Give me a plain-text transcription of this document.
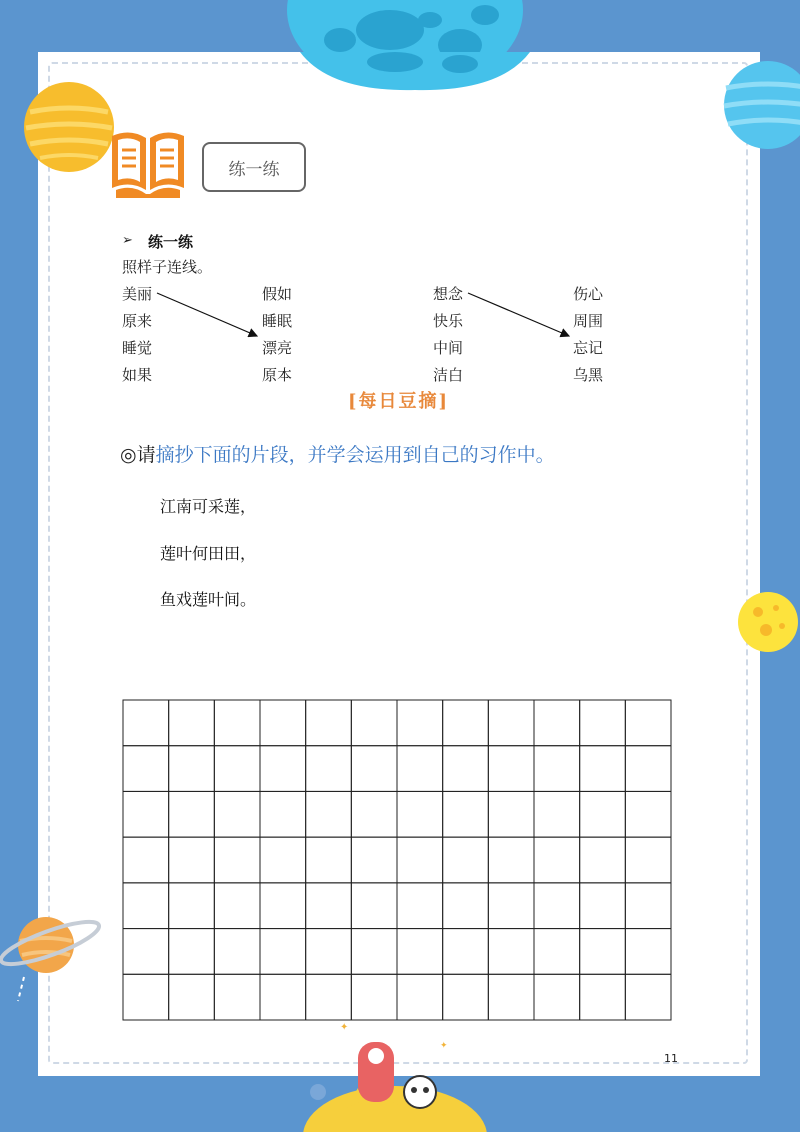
✦
✦
练一练
➢ 练一练
照样子连线。
美丽
原来
睡觉
如果
假如
睡眠
漂亮
原本
想念
快乐
中间
洁白
伤心
周围
忘记
乌黑
[每日豆摘]
◎请摘抄下面的片段，并学会运用到自己的习作中。
江南可采莲，
莲叶何田田，
鱼戏莲叶间。
11
